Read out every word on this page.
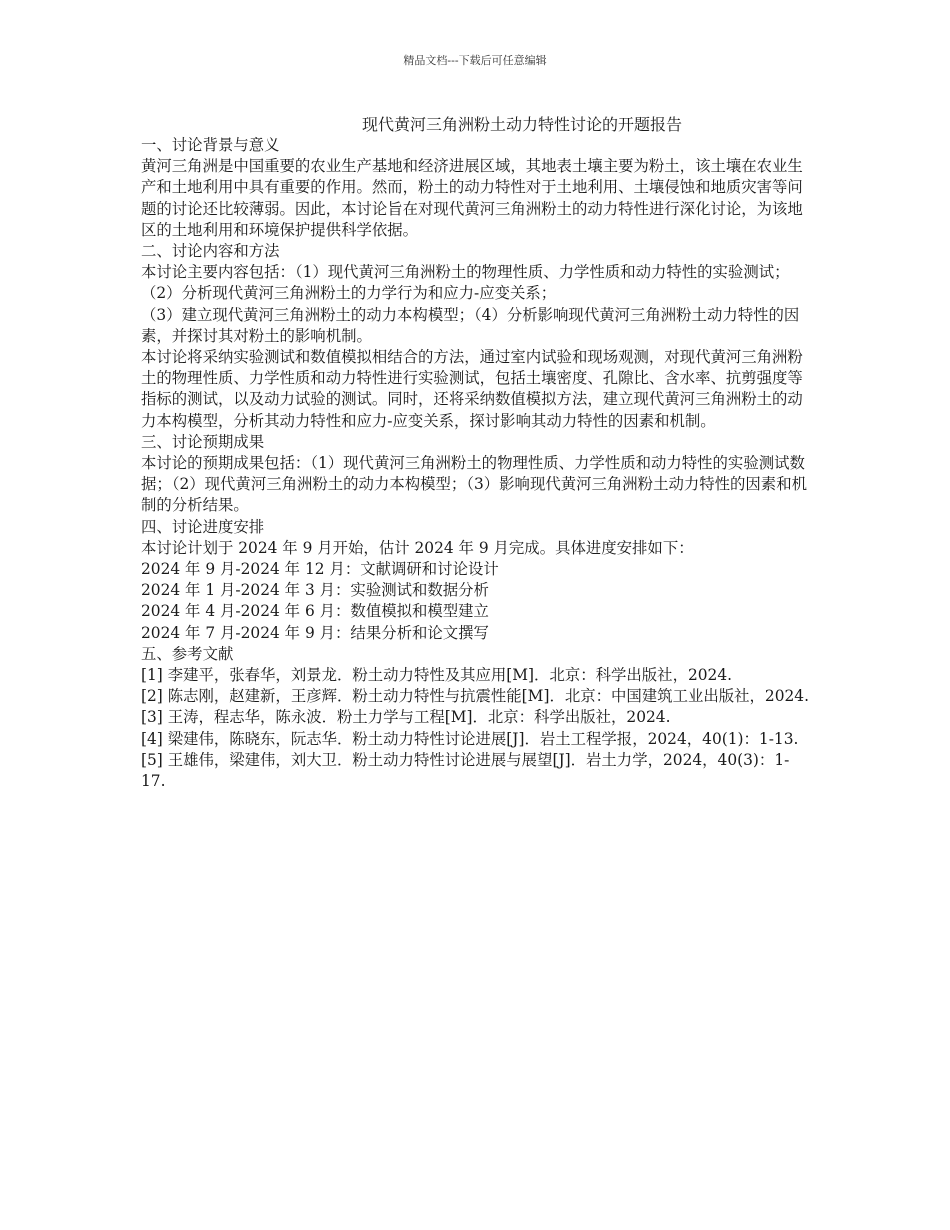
精品文档---下载后可任意编辑
现代黄河三角洲粉土动力特性讨论的开题报告

一、讨论背景与意义

黄河三角洲是中国重要的农业生产基地和经济进展区域，其地表土壤主要为粉土，该土壤在农业生产和土地利用中具有重要的作用。然而，粉土的动力特性对于土地利用、土壤侵蚀和地质灾害等问题的讨论还比较薄弱。因此，本讨论旨在对现代黄河三角洲粉土的动力特性进行深化讨论，为该地区的土地利用和环境保护提供科学依据。

二、讨论内容和方法

本讨论主要内容包括：（1）现代黄河三角洲粉土的物理性质、力学性质和动力特性的实验测试；（2）分析现代黄河三角洲粉土的力学行为和应力-应变关系；

（3）建立现代黄河三角洲粉土的动力本构模型；（4）分析影响现代黄河三角洲粉土动力特性的因素，并探讨其对粉土的影响机制。

本讨论将采纳实验测试和数值模拟相结合的方法，通过室内试验和现场观测，对现代黄河三角洲粉土的物理性质、力学性质和动力特性进行实验测试，包括土壤密度、孔隙比、含水率、抗剪强度等指标的测试，以及动力试验的测试。同时，还将采纳数值模拟方法，建立现代黄河三角洲粉土的动力本构模型，分析其动力特性和应力-应变关系，探讨影响其动力特性的因素和机制。

三、讨论预期成果

本讨论的预期成果包括：（1）现代黄河三角洲粉土的物理性质、力学性质和动力特性的实验测试数据；（2）现代黄河三角洲粉土的动力本构模型；（3）影响现代黄河三角洲粉土动力特性的因素和机制的分析结果。

四、讨论进度安排

本讨论计划于 2024 年 9 月开始，估计 2024 年 9 月完成。具体进度安排如下：

2024 年 9 月-2024 年 12 月：文献调研和讨论设计

2024 年 1 月-2024 年 3 月：实验测试和数据分析

2024 年 4 月-2024 年 6 月：数值模拟和模型建立

2024 年 7 月-2024 年 9 月：结果分析和论文撰写

五、参考文献

[1] 李建平，张春华，刘景龙．粉土动力特性及其应用[M]．北京：科学出版社，2024.

[2] 陈志刚，赵建新，王彦辉．粉土动力特性与抗震性能[M]．北京：中国建筑工业出版社，2024.

[3] 王涛，程志华，陈永波．粉土力学与工程[M]．北京：科学出版社，2024.

[4] 梁建伟，陈晓东，阮志华．粉土动力特性讨论进展[J]．岩土工程学报，2024，40(1)：1-13.

[5] 王雄伟，梁建伟，刘大卫．粉土动力特性讨论进展与展望[J]．岩土力学，2024，40(3)：1-17.
